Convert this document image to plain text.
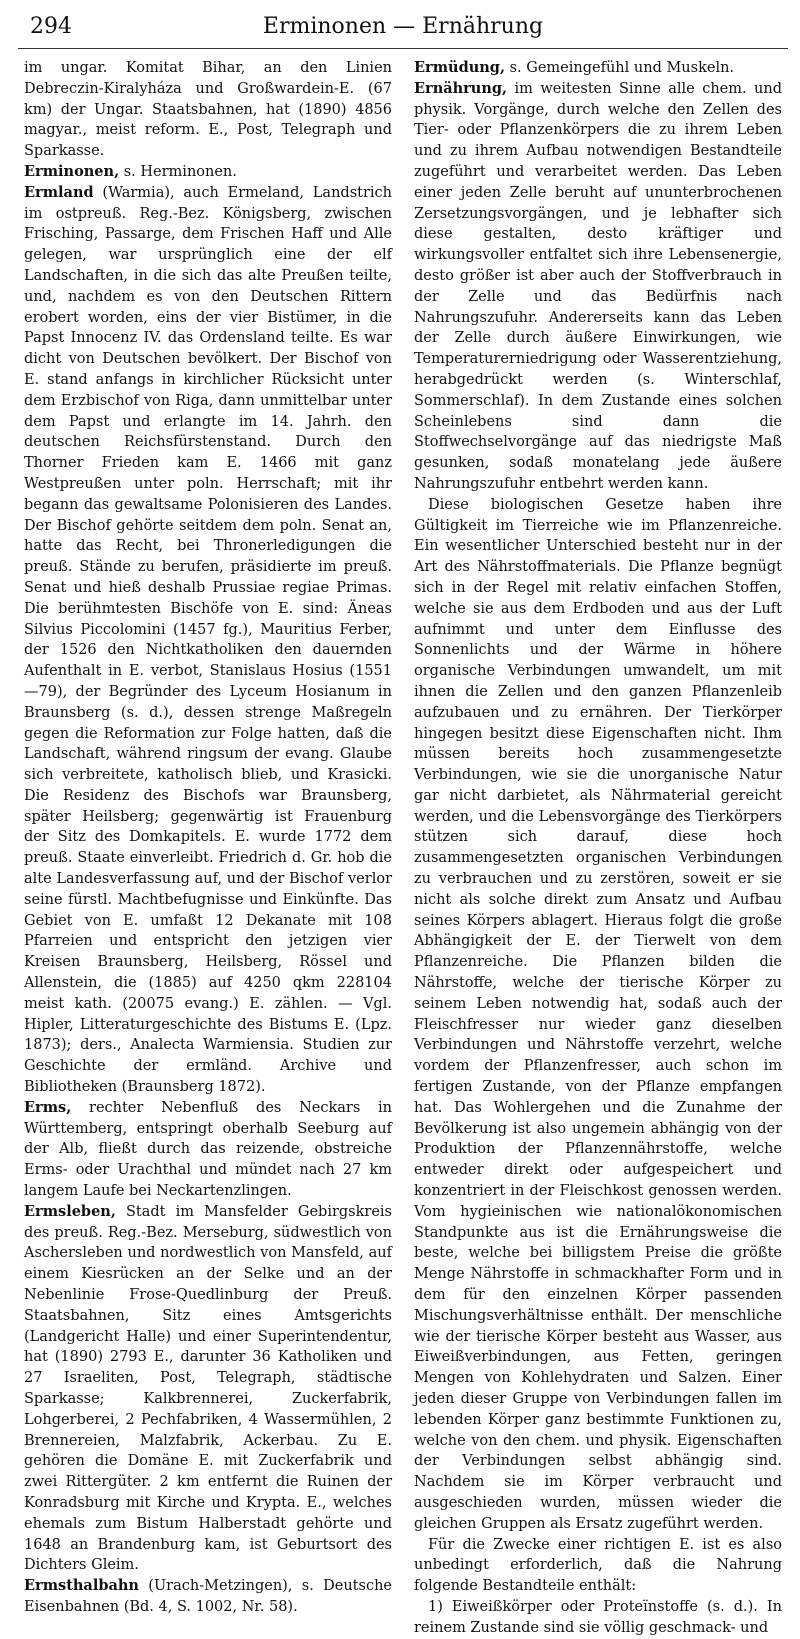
294	Erminonen — Ernährung

im ungar. Komitat Bihar, an den Linien Debreczin-Kiralyháza und Großwardein-E. (67 km) der Ungar. Staatsbahnen, hat (1890) 4856 magyar., meist reform. E., Post, Telegraph und Sparkasse.

Erminonen, s. Herminonen.

Ermland (Warmia), auch Ermeland, Landstrich im ostpreuß. Reg.-Bez. Königsberg, zwischen Frisching, Passarge, dem Frischen Haff und Alle gelegen, war ursprünglich eine der elf Landschaften, in die sich das alte Preußen teilte, und, nachdem es von den Deutschen Rittern erobert worden, eins der vier Bistümer, in die Papst Innocenz IV. das Ordensland teilte. Es war dicht von Deutschen bevölkert. Der Bischof von E. stand anfangs in kirchlicher Rücksicht unter dem Erzbischof von Riga, dann unmittelbar unter dem Papst und erlangte im 14. Jahrh. den deutschen Reichsfürstenstand. Durch den Thorner Frieden kam E. 1466 mit ganz Westpreußen unter poln. Herrschaft; mit ihr begann das gewaltsame Polonisieren des Landes. Der Bischof gehörte seitdem dem poln. Senat an, hatte das Recht, bei Thronerledigungen die preuß. Stände zu berufen, präsidierte im preuß. Senat und hieß deshalb Prussiae regiae Primas. Die berühmtesten Bischöfe von E. sind: Äneas Silvius Piccolomini (1457 fg.), Mauritius Ferber, der 1526 den Nichtkatholiken den dauernden Aufenthalt in E. verbot, Stanislaus Hosius (1551—79), der Begründer des Lyceum Hosianum in Braunsberg (s. d.), dessen strenge Maßregeln gegen die Reformation zur Folge hatten, daß die Landschaft, während ringsum der evang. Glaube sich verbreitete, katholisch blieb, und Krasicki. Die Residenz des Bischofs war Braunsberg, später Heilsberg; gegenwärtig ist Frauenburg der Sitz des Domkapitels. E. wurde 1772 dem preuß. Staate einverleibt. Friedrich d. Gr. hob die alte Landesverfassung auf, und der Bischof verlor seine fürstl. Machtbefugnisse und Einkünfte. Das Gebiet von E. umfaßt 12 Dekanate mit 108 Pfarreien und entspricht den jetzigen vier Kreisen Braunsberg, Heilsberg, Rössel und Allenstein, die (1885) auf 4250 qkm 228104 meist kath. (20075 evang.) E. zählen. — Vgl. Hipler, Litteraturgeschichte des Bistums E. (Lpz. 1873); ders., Analecta Warmiensia. Studien zur Geschichte der ermländ. Archive und Bibliotheken (Braunsberg 1872).

Erms, rechter Nebenfluß des Neckars in Württemberg, entspringt oberhalb Seeburg auf der Alb, fließt durch das reizende, obstreiche Erms- oder Urachthal und mündet nach 27 km langem Laufe bei Neckartenzlingen.

Ermsleben, Stadt im Mansfelder Gebirgskreis des preuß. Reg.-Bez. Merseburg, südwestlich von Aschersleben und nordwestlich von Mansfeld, auf einem Kiesrücken an der Selke und an der Nebenlinie Frose-Quedlinburg der Preuß. Staatsbahnen, Sitz eines Amtsgerichts (Landgericht Halle) und einer Superintendentur, hat (1890) 2793 E., darunter 36 Katholiken und 27 Israeliten, Post, Telegraph, städtische Sparkasse; Kalkbrennerei, Zuckerfabrik, Lohgerberei, 2 Pechfabriken, 4 Wassermühlen, 2 Brennereien, Malzfabrik, Ackerbau. Zu E. gehören die Domäne E. mit Zuckerfabrik und zwei Rittergüter. 2 km entfernt die Ruinen der Konradsburg mit Kirche und Krypta. E., welches ehemals zum Bistum Halberstadt gehörte und 1648 an Brandenburg kam, ist Geburtsort des Dichters Gleim.

Ermsthalbahn (Urach-Metzingen), s. Deutsche Eisenbahnen (Bd. 4, S. 1002, Nr. 58).

Ermüdung, s. Gemeingefühl und Muskeln.

Ernährung, im weitesten Sinne alle chem. und physik. Vorgänge, durch welche den Zellen des Tier- oder Pflanzenkörpers die zu ihrem Leben und zu ihrem Aufbau notwendigen Bestandteile zugeführt und verarbeitet werden. Das Leben einer jeden Zelle beruht auf ununterbrochenen Zersetzungsvorgängen, und je lebhafter sich diese gestalten, desto kräftiger und wirkungsvoller entfaltet sich ihre Lebensenergie, desto größer ist aber auch der Stoffverbrauch in der Zelle und das Bedürfnis nach Nahrungszufuhr. Andererseits kann das Leben der Zelle durch äußere Einwirkungen, wie Temperaturerniedrigung oder Wasserentziehung, herabgedrückt werden (s. Winterschlaf, Sommerschlaf). In dem Zustande eines solchen Scheinlebens sind dann die Stoffwechselvorgänge auf das niedrigste Maß gesunken, sodaß monatelang jede äußere Nahrungszufuhr entbehrt werden kann.

Diese biologischen Gesetze haben ihre Gültigkeit im Tierreiche wie im Pflanzenreiche. Ein wesentlicher Unterschied besteht nur in der Art des Nährstoffmaterials. Die Pflanze begnügt sich in der Regel mit relativ einfachen Stoffen, welche sie aus dem Erdboden und aus der Luft aufnimmt und unter dem Einflusse des Sonnenlichts und der Wärme in höhere organische Verbindungen umwandelt, um mit ihnen die Zellen und den ganzen Pflanzenleib aufzubauen und zu ernähren. Der Tierkörper hingegen besitzt diese Eigenschaften nicht. Ihm müssen bereits hoch zusammengesetzte Verbindungen, wie sie die unorganische Natur gar nicht darbietet, als Nährmaterial gereicht werden, und die Lebensvorgänge des Tierkörpers stützen sich darauf, diese hoch zusammengesetzten organischen Verbindungen zu verbrauchen und zu zerstören, soweit er sie nicht als solche direkt zum Ansatz und Aufbau seines Körpers ablagert. Hieraus folgt die große Abhängigkeit der E. der Tierwelt von dem Pflanzenreiche. Die Pflanzen bilden die Nährstoffe, welche der tierische Körper zu seinem Leben notwendig hat, sodaß auch der Fleischfresser nur wieder ganz dieselben Verbindungen und Nährstoffe verzehrt, welche vordem der Pflanzenfresser, auch schon im fertigen Zustande, von der Pflanze empfangen hat. Das Wohlergehen und die Zunahme der Bevölkerung ist also ungemein abhängig von der Produktion der Pflanzennährstoffe, welche entweder direkt oder aufgespeichert und konzentriert in der Fleischkost genossen werden. Vom hygieinischen wie nationalökonomischen Standpunkte aus ist die Ernährungsweise die beste, welche bei billigstem Preise die größte Menge Nährstoffe in schmackhafter Form und in dem für den einzelnen Körper passenden Mischungsverhältnisse enthält. Der menschliche wie der tierische Körper besteht aus Wasser, aus Eiweißverbindungen, aus Fetten, geringen Mengen von Kohlehydraten und Salzen. Einer jeden dieser Gruppe von Verbindungen fallen im lebenden Körper ganz bestimmte Funktionen zu, welche von den chem. und physik. Eigenschaften der Verbindungen selbst abhängig sind. Nachdem sie im Körper verbraucht und ausgeschieden wurden, müssen wieder die gleichen Gruppen als Ersatz zugeführt werden.

Für die Zwecke einer richtigen E. ist es also unbedingt erforderlich, daß die Nahrung folgende Bestandteile enthält:

1) Eiweißkörper oder Proteïnstoffe (s. d.). In reinem Zustande sind sie völlig geschmack- und
